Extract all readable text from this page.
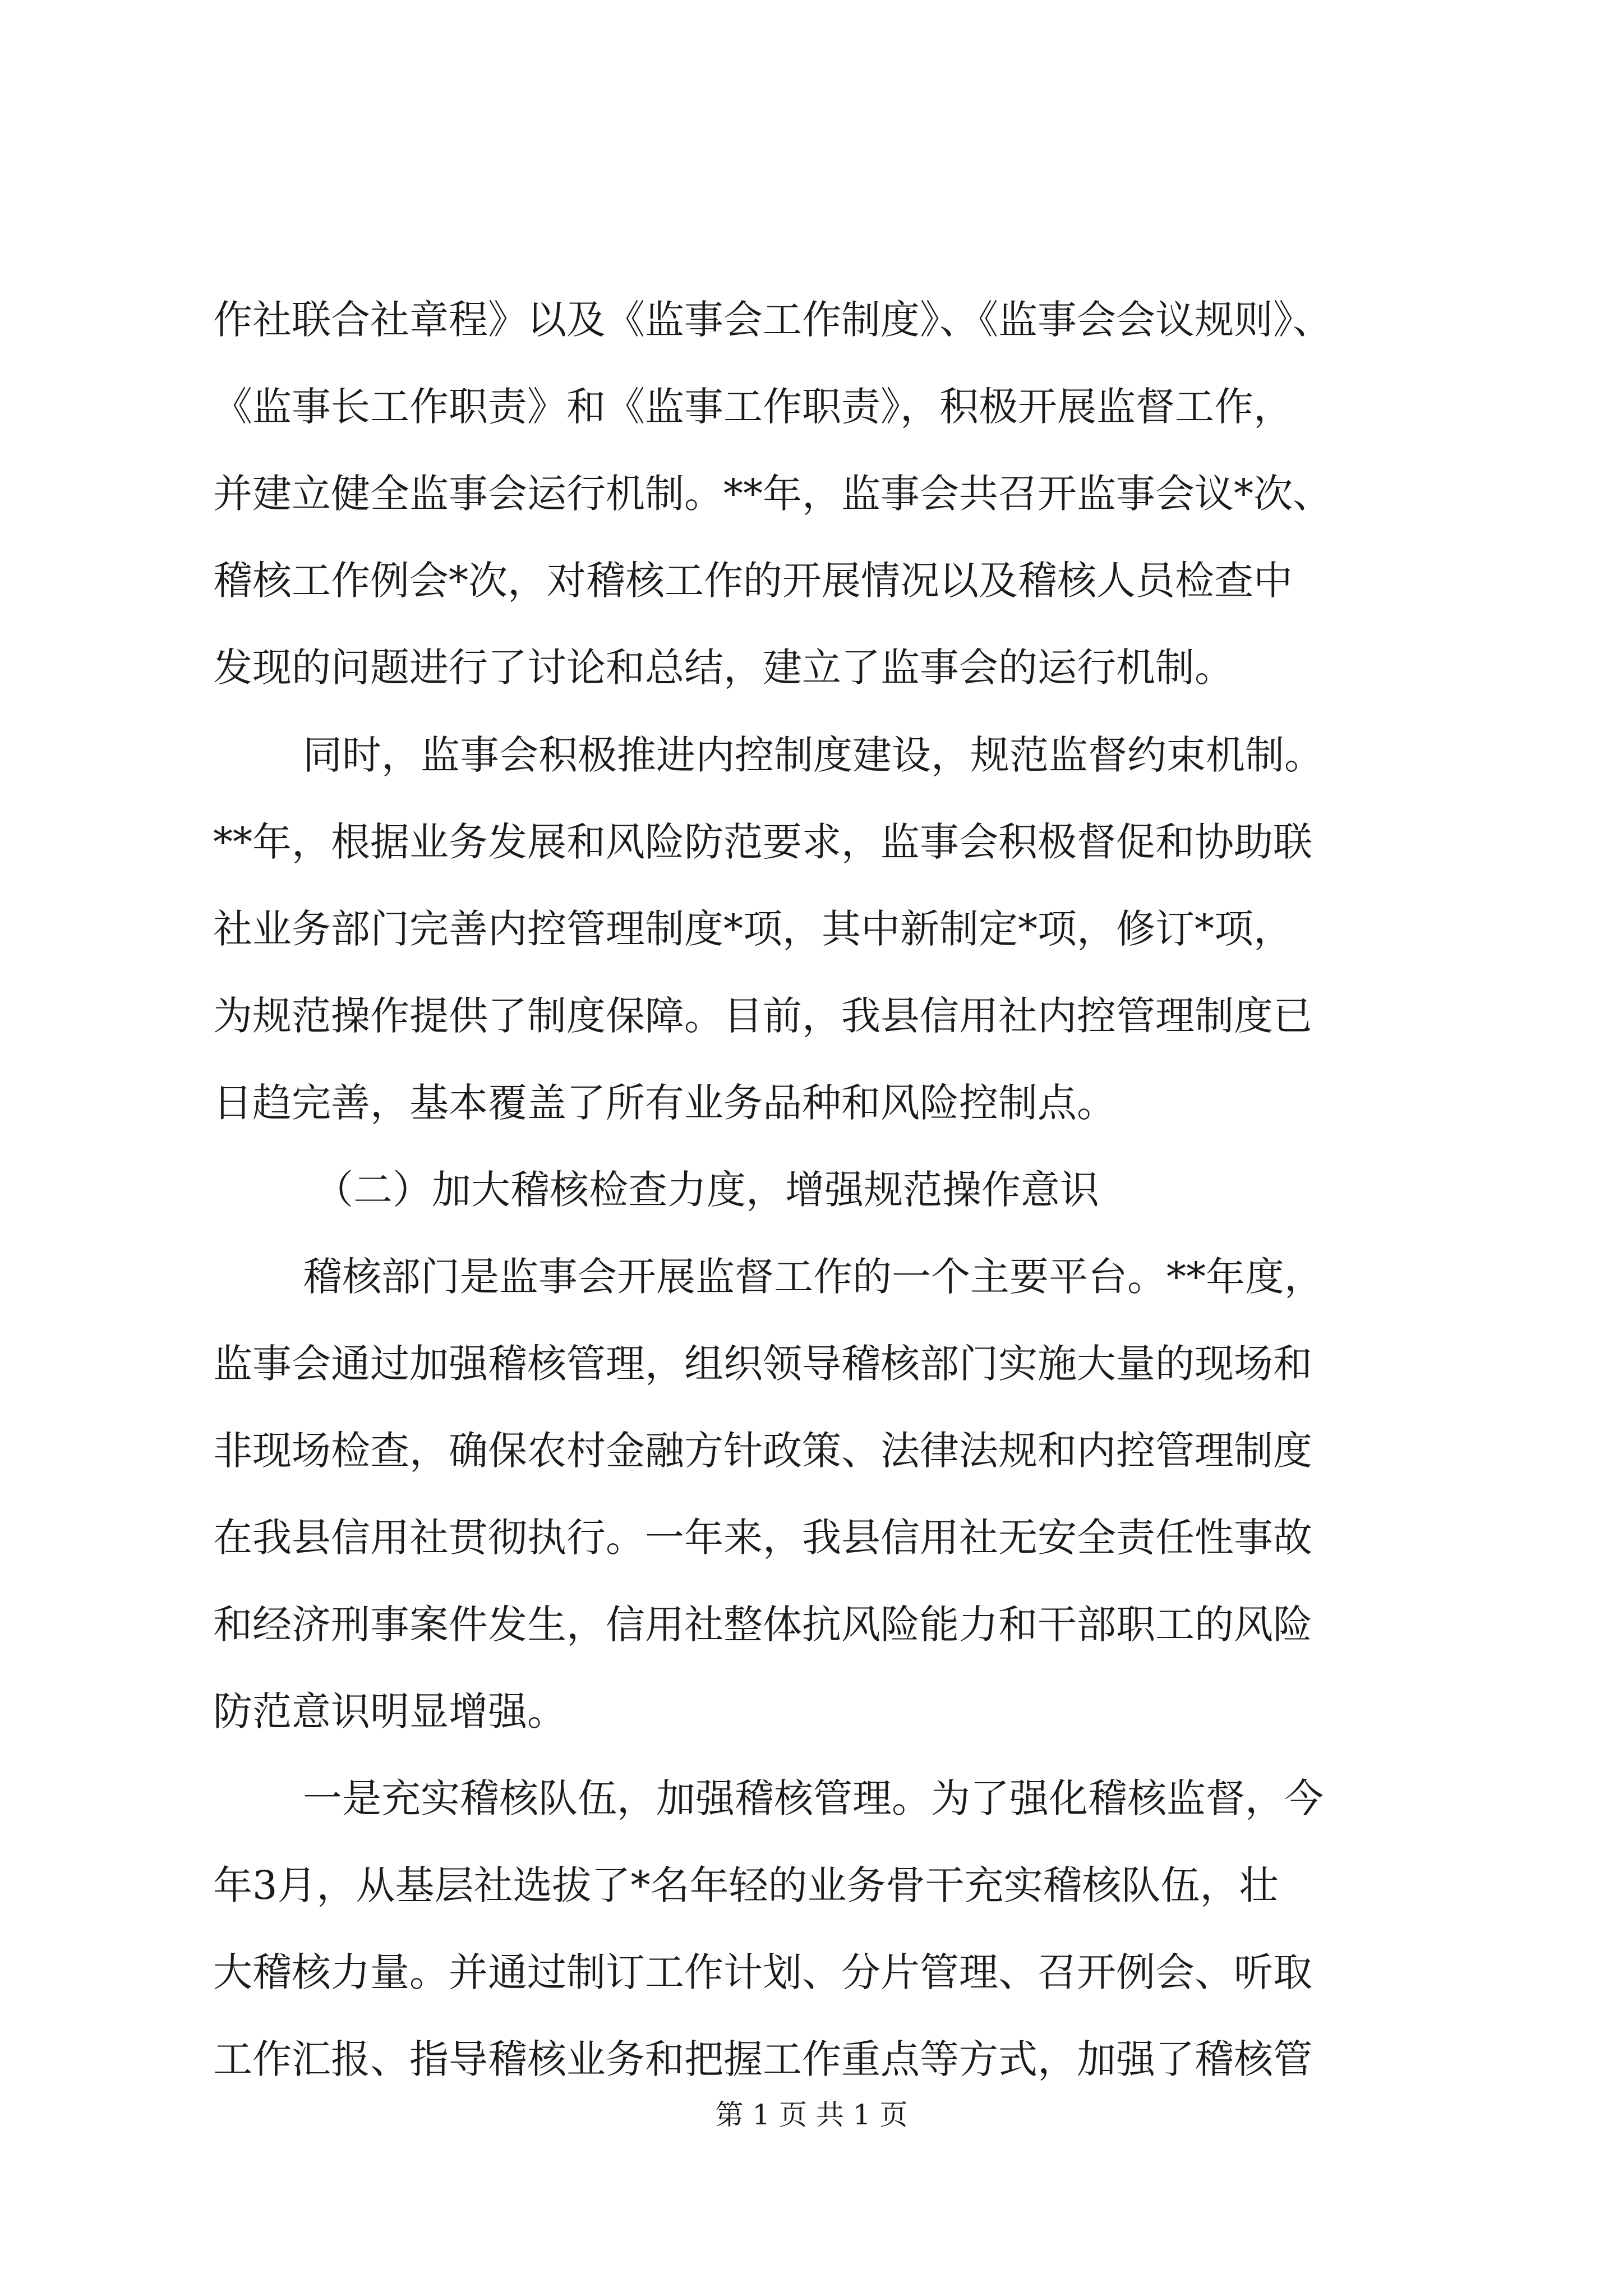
作社联合社章程》以及《监事会工作制度》、《监事会会议规则》、
《监事长工作职责》和《监事工作职责》，积极开展监督工作，
并建立健全监事会运行机制。**年，监事会共召开监事会议*次、
稽核工作例会*次，对稽核工作的开展情况以及稽核人员检查中
发现的问题进行了讨论和总结，建立了监事会的运行机制。
同时，监事会积极推进内控制度建设，规范监督约束机制。
**年，根据业务发展和风险防范要求，监事会积极督促和协助联
社业务部门完善内控管理制度*项，其中新制定*项，修订*项，
为规范操作提供了制度保障。目前，我县信用社内控管理制度已
日趋完善，基本覆盖了所有业务品种和风险控制点。
（二）加大稽核检查力度，增强规范操作意识
稽核部门是监事会开展监督工作的一个主要平台。**年度，
监事会通过加强稽核管理，组织领导稽核部门实施大量的现场和
非现场检查，确保农村金融方针政策、法律法规和内控管理制度
在我县信用社贯彻执行。一年来，我县信用社无安全责任性事故
和经济刑事案件发生，信用社整体抗风险能力和干部职工的风险
防范意识明显增强。
一是充实稽核队伍，加强稽核管理。为了强化稽核监督，今
年3月，从基层社选拔了*名年轻的业务骨干充实稽核队伍，壮
大稽核力量。并通过制订工作计划、分片管理、召开例会、听取
工作汇报、指导稽核业务和把握工作重点等方式，加强了稽核管
第 1 页 共 1 页
